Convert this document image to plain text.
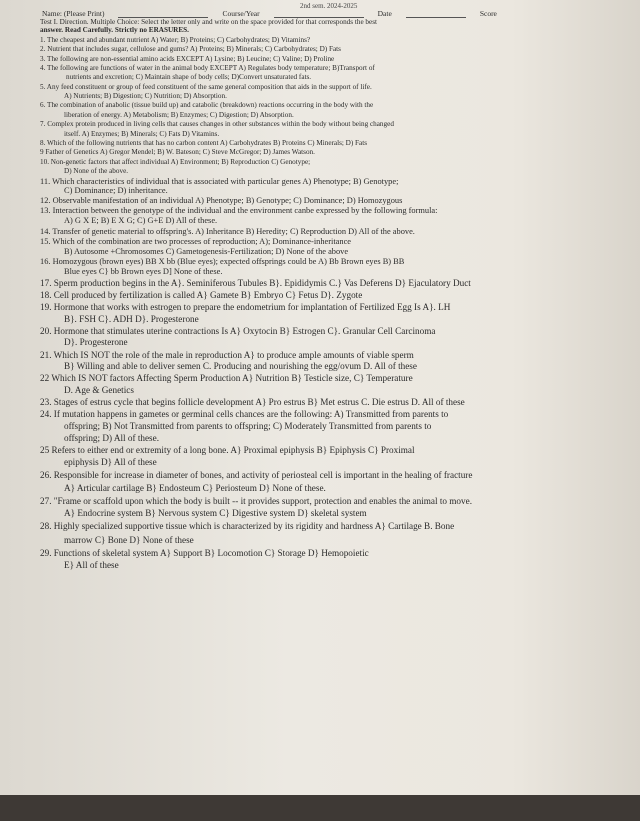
2nd sem. 2024-2025
Name: (Please Print)	Course/Year	Date	Score
Test I. Direction. Multiple Choice: Select the letter only and write on the space provided for that corresponds the best
answer. Read Carefully. Strictly no ERASURES.
1. The cheapest and abundant nutrient A) Water; B) Proteins; C) Carbohydrates; D) Vitamins?
2. Nutrient that includes sugar, cellulose and gums? A) Proteins; B) Minerals; C) Carbohydrates; D) Fats
3. The following are non-essential amino acids EXCEPT A) Lysine; B) Leucine; C) Valine; D) Proline
4. The following are functions of water in the animal body EXCEPT A) Regulates body temperature; B)Transport of
nutrients and excretion; C) Maintain shape of body cells; D)Convert unsaturated fats.
5. Any feed constituent or group of feed constituent of the same general composition that aids in the support of life.
A) Nutrients; B) Digestion; C) Nutrition; D) Absorption.
6. The combination of anabolic (tissue build up) and catabolic (breakdown) reactions occurring in the body with the
liberation of energy. A) Metabolism; B) Enzymes; C) Digestion; D) Absorption.
7. Complex protein produced in living cells that causes changes in other substances within the body without being changed
itself. A) Enzymes; B) Minerals; C) Fats D) Vitamins.
8. Which of the following nutrients that has no carbon content A) Carbohydrates B) Proteins C) Minerals; D) Fats
9 Father of Genetics A) Gregor Mendel; B) W. Bateson; C) Steve McGregor; D) James Watson.
10. Non-genetic factors that affect individual A) Environment; B) Reproduction C) Genotype;
D) None of the above.
11. Which characteristics of individual that is associated with particular genes A) Phenotype; B) Genotype;
C) Dominance; D) inheritance.
12. Observable manifestation of an individual A) Phenotype; B) Genotype; C) Dominance; D) Homozygous
13. Interaction between the genotype of the individual and the environment canbe expressed by the following formula:
A) G X E; B) E X G; C) G+E D) All of these.
14. Transfer of genetic material to offspring's. A) Inheritance B) Heredity; C) Reproduction D) All of the above.
15. Which of the combination are two processes of reproduction; A); Dominance-inheritance
B) Autosome +Chromosomes C) Gametogenesis-Fertilization; D) None of the above
16. Homozygous (brown eyes) BB X bb (Blue eyes); expected offsprings could be A) Bb Brown eyes B) BB
Blue eyes C} bb Brown eyes D] None of these.
17. Sperm production begins in the A}. Seminiferous Tubules B}. Epididymis C.} Vas Deferens D} Ejaculatory Duct
18. Cell produced by fertilization is called A} Gamete B} Embryo C} Fetus D}. Zygote
19. Hormone that works with estrogen to prepare the endometrium for implantation of Fertilized Egg Is A}. LH
B}. FSH C}. ADH D}. Progesterone
20. Hormone that stimulates uterine contractions Is A} Oxytocin B} Estrogen C}. Granular Cell Carcinoma
D}. Progesterone
21. Which IS NOT the role of the male in reproduction A} to produce ample amounts of viable sperm
B} Willing and able to deliver semen C. Producing and nourishing the egg/ovum D. All of these
22 Which IS NOT factors Affecting Sperm Production A} Nutrition B} Testicle size, C} Temperature
D. Age & Genetics
23. Stages of estrus cycle that begins follicle development A} Pro estrus B} Met estrus C. Die estrus D. All of these
24. If mutation happens in gametes or germinal cells chances are the following: A) Transmitted from parents to
offspring; B) Not Transmitted from parents to offspring; C) Moderately Transmitted from parents to
offspring; D) All of these.
25 Refers to either end or extremity of a long bone. A} Proximal epiphysis B} Epiphysis C} Proximal
epiphysis D} All of these
26. Responsible for increase in diameter of bones, and activity of periosteal cell is important in the healing of fracture
A} Articular cartilage B} Endosteum C} Periosteum D} None of these.
27. "Frame or scaffold upon which the body is built -- it provides support, protection and enables the animal to move.
A} Endocrine system B} Nervous system C} Digestive system D} skeletal system
28. Highly specialized supportive tissue which is characterized by its rigidity and hardness A} Cartilage B. Bone
marrow C} Bone D} None of these
29. Functions of skeletal system A} Support B} Locomotion C} Storage D} Hemopoietic
E} All of these
